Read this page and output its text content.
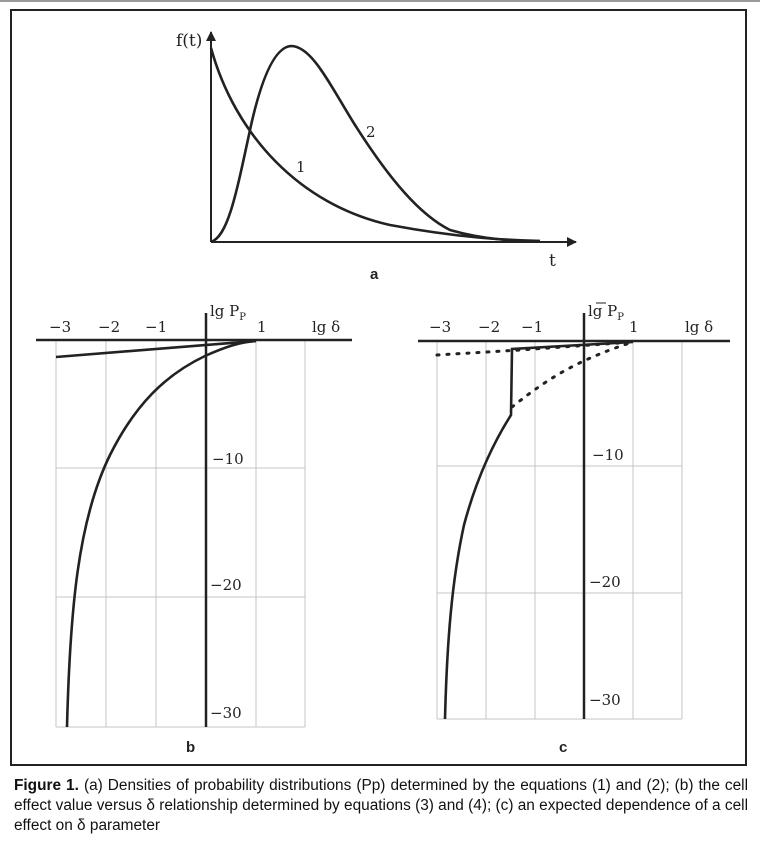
f(t)
t
1
2
a
−3 −2 −1	1	lg δ
$\lg P_P$
−10
−20
−30
b
−3 −2 −1	1	lg δ
$\lg P_P$
−10
−20
−30
c
Figure 1. (a) Densities of probability distributions (Pp) determined by the equations (1) and (2); (b) the cell effect value versus δ relationship determined by equations (3) and (4); (c) an expected dependence of a cell effect on δ parameter
